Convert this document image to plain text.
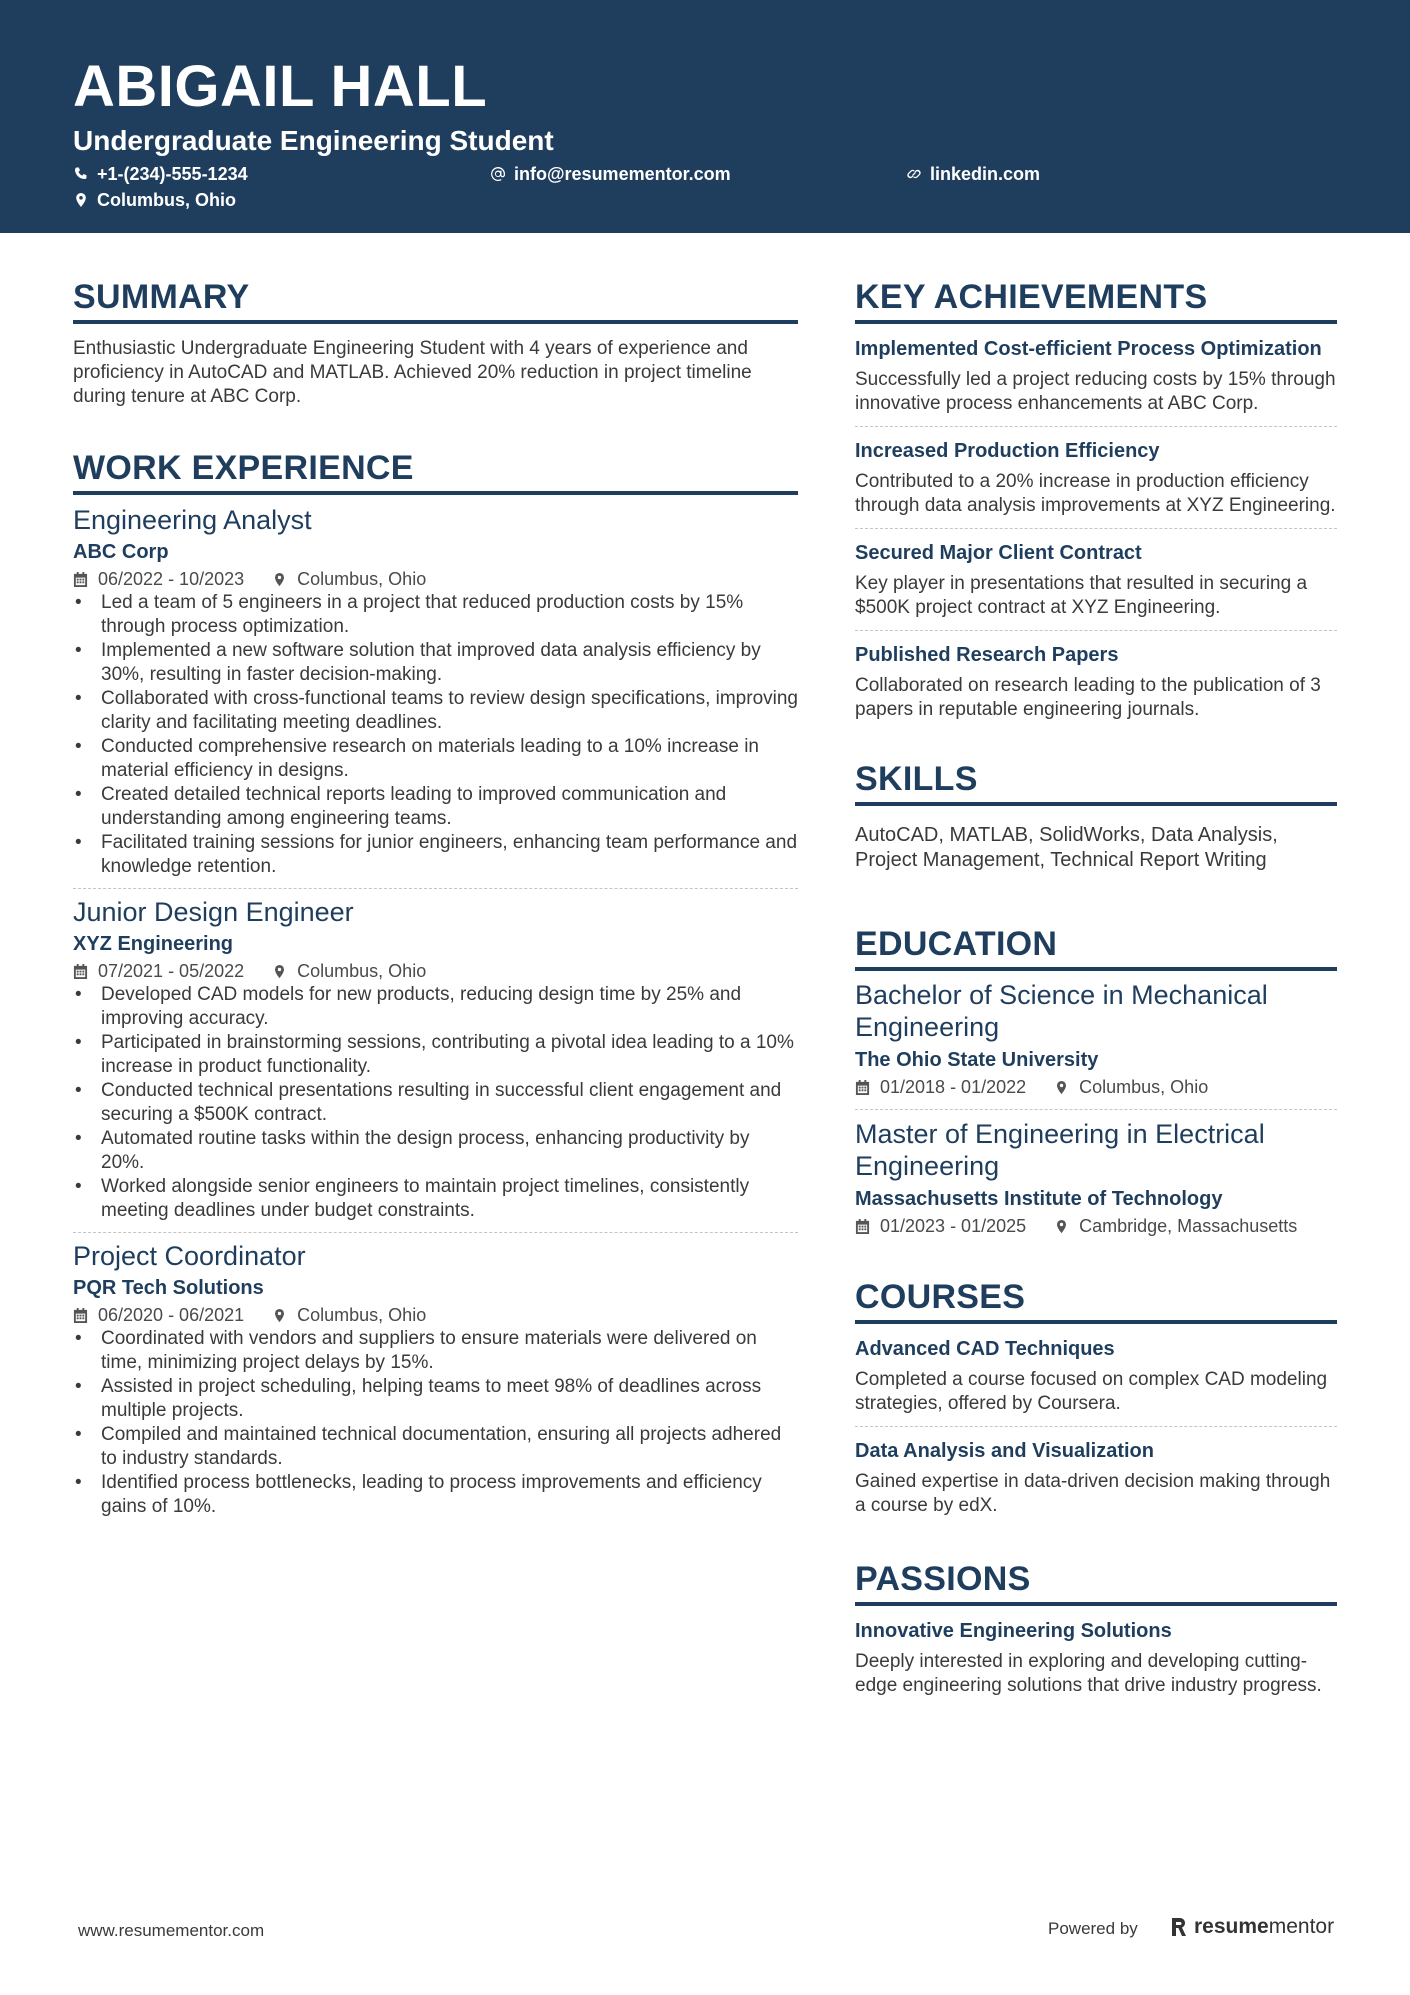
ABIGAIL HALL
Undergraduate Engineering Student
+1-(234)-555-1234	info@resumementor.com	linkedin.com
Columbus, Ohio
SUMMARY
Enthusiastic Undergraduate Engineering Student with 4 years of experience and proficiency in AutoCAD and MATLAB. Achieved 20% reduction in project timeline during tenure at ABC Corp.
WORK EXPERIENCE
Engineering Analyst
ABC Corp
06/2022 - 10/2023	Columbus, Ohio
• Led a team of 5 engineers in a project that reduced production costs by 15% through process optimization.
• Implemented a new software solution that improved data analysis efficiency by 30%, resulting in faster decision-making.
• Collaborated with cross-functional teams to review design specifications, improving clarity and facilitating meeting deadlines.
• Conducted comprehensive research on materials leading to a 10% increase in material efficiency in designs.
• Created detailed technical reports leading to improved communication and understanding among engineering teams.
• Facilitated training sessions for junior engineers, enhancing team performance and knowledge retention.
Junior Design Engineer
XYZ Engineering
07/2021 - 05/2022	Columbus, Ohio
• Developed CAD models for new products, reducing design time by 25% and improving accuracy.
• Participated in brainstorming sessions, contributing a pivotal idea leading to a 10% increase in product functionality.
• Conducted technical presentations resulting in successful client engagement and securing a $500K contract.
• Automated routine tasks within the design process, enhancing productivity by 20%.
• Worked alongside senior engineers to maintain project timelines, consistently meeting deadlines under budget constraints.
Project Coordinator
PQR Tech Solutions
06/2020 - 06/2021	Columbus, Ohio
• Coordinated with vendors and suppliers to ensure materials were delivered on time, minimizing project delays by 15%.
• Assisted in project scheduling, helping teams to meet 98% of deadlines across multiple projects.
• Compiled and maintained technical documentation, ensuring all projects adhered to industry standards.
• Identified process bottlenecks, leading to process improvements and efficiency gains of 10%.
KEY ACHIEVEMENTS
Implemented Cost-efficient Process Optimization
Successfully led a project reducing costs by 15% through innovative process enhancements at ABC Corp.
Increased Production Efficiency
Contributed to a 20% increase in production efficiency through data analysis improvements at XYZ Engineering.
Secured Major Client Contract
Key player in presentations that resulted in securing a $500K project contract at XYZ Engineering.
Published Research Papers
Collaborated on research leading to the publication of 3 papers in reputable engineering journals.
SKILLS
AutoCAD, MATLAB, SolidWorks, Data Analysis, Project Management, Technical Report Writing
EDUCATION
Bachelor of Science in Mechanical Engineering
The Ohio State University
01/2018 - 01/2022	Columbus, Ohio
Master of Engineering in Electrical Engineering
Massachusetts Institute of Technology
01/2023 - 01/2025	Cambridge, Massachusetts
COURSES
Advanced CAD Techniques
Completed a course focused on complex CAD modeling strategies, offered by Coursera.
Data Analysis and Visualization
Gained expertise in data-driven decision making through a course by edX.
PASSIONS
Innovative Engineering Solutions
Deeply interested in exploring and developing cutting-edge engineering solutions that drive industry progress.
www.resumementor.com	Powered by	resumementor
